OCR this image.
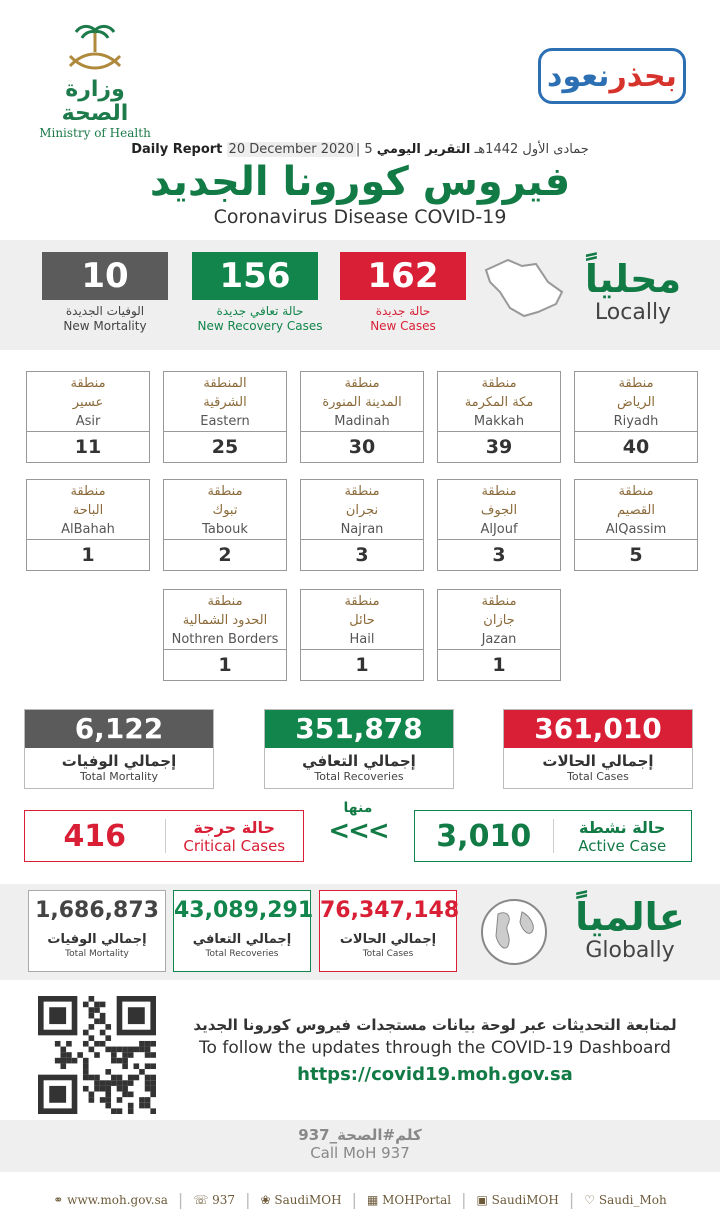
وزارة الصحة
Ministry of Health
نعود بحذر
Daily Report 20 December 2020 | 5 جمادى الأول 1442هـ التقرير اليومي
فيروس كورونا الجديد
Coronavirus Disease COVID-19
10
الوفيات الجديدة
New Mortality
156
حالة تعافي جديدة
New Recovery Cases
162
حالة جديدة
New Cases
محلياً
Locally
منطقة
الرياض
Riyadh
40
منطقة
مكة المكرمة
Makkah
39
منطقة
المدينة المنورة
Madinah
30
المنطقة
الشرقية
Eastern
25
منطقة
عسير
Asir
11
منطقة
القصيم
AlQassim
5
منطقة
الجوف
AlJouf
3
منطقة
نجران
Najran
3
منطقة
تبوك
Tabouk
2
منطقة
الباحة
AlBahah
1
منطقة
جازان
Jazan
1
منطقة
حائل
Hail
1
منطقة
الحدود الشمالية
Nothren Borders
1
6,122
إجمالي الوفيات
Total Mortality
351,878
إجمالي التعافي
Total Recoveries
361,010
إجمالي الحالات
Total Cases
416	حالة حرجة
Critical Cases
منها
<<<	3,010	حالة نشطة
Active Case
1,686,873
إجمالي الوفيات
Total Mortality
43,089,291
إجمالي التعافي
Total Recoveries
76,347,148
إجمالي الحالات
Total Cases
عالمياً
Globally
لمتابعة التحديثات عبر لوحة بيانات مستجدات فيروس كورونا الجديد
To follow the updates through the COVID-19 Dashboard
https://covid19.moh.gov.sa
كلم#الصحة_937
Call MoH 937
⚭ www.moh.gov.sa | ☏ 937 | ❀ SaudiMOH | ▦ MOHPortal | ▣ SaudiMOH | ♡ Saudi_Moh
